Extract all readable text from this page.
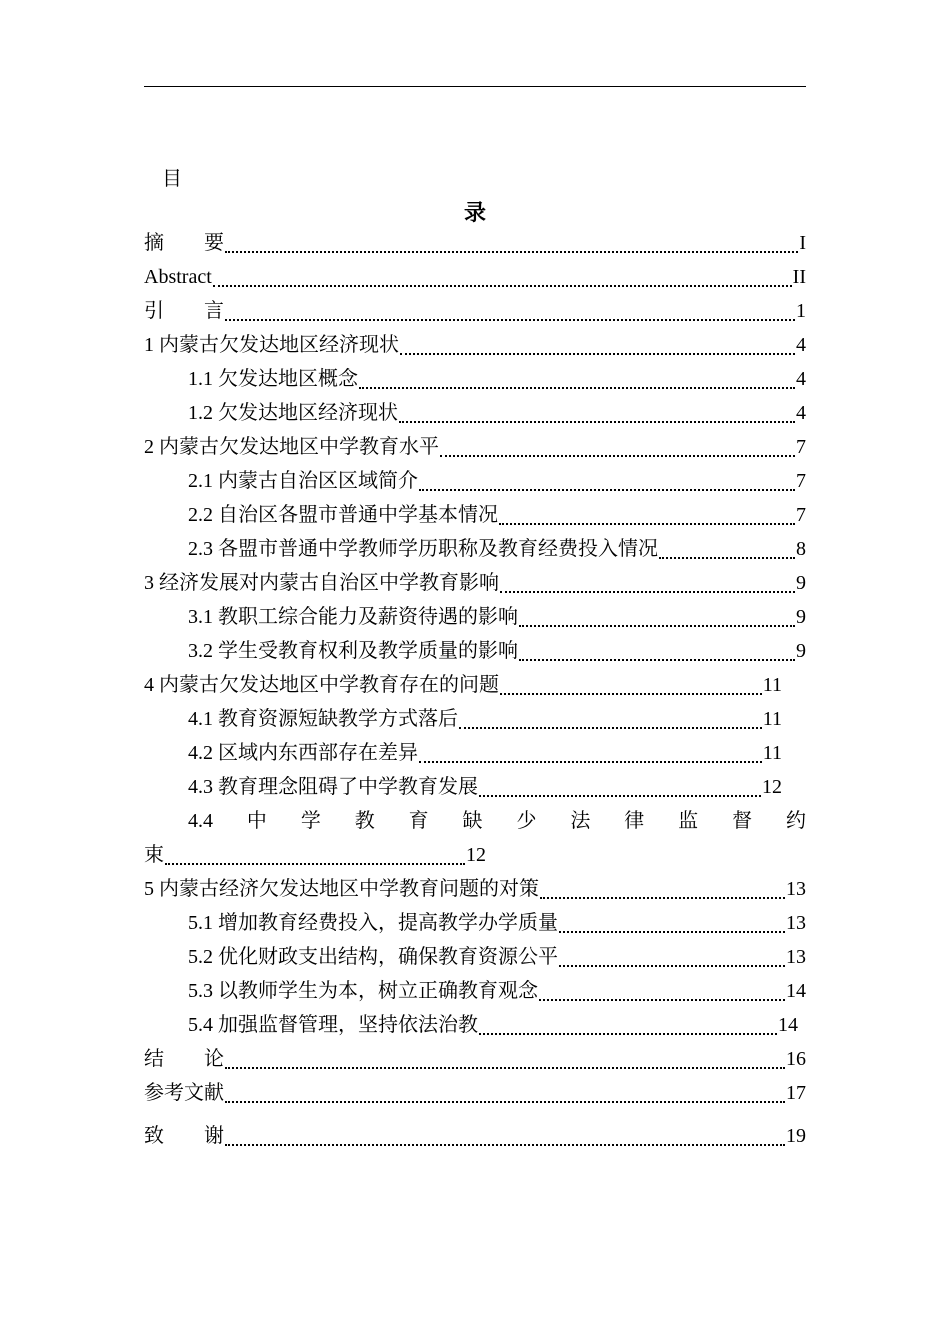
目
录
摘　　要	I
Abstract	II
引　　言	1
1 内蒙古欠发达地区经济现状	4
1.1 欠发达地区概念	4
1.2 欠发达地区经济现状	4
2 内蒙古欠发达地区中学教育水平	7
2.1 内蒙古自治区区域简介	7
2.2 自治区各盟市普通中学基本情况	7
2.3 各盟市普通中学教师学历职称及教育经费投入情况	8
3 经济发展对内蒙古自治区中学教育影响	9
3.1 教职工综合能力及薪资待遇的影响	9
3.2 学生受教育权利及教学质量的影响	9
4 内蒙古欠发达地区中学教育存在的问题	11
4.1 教育资源短缺教学方式落后	11
4.2 区域内东西部存在差异	11
4.3 教育理念阻碍了中学教育发展	12
4.4 中 学 教 育 缺 少 法 律 监 督 约
束	12
5 内蒙古经济欠发达地区中学教育问题的对策	13
5.1 增加教育经费投入，提高教学办学质量	13
5.2 优化财政支出结构，确保教育资源公平	13
5.3 以教师学生为本，树立正确教育观念	14
5.4 加强监督管理，坚持依法治教	14
结　　论	16
参考文献	17
致　　谢	19
